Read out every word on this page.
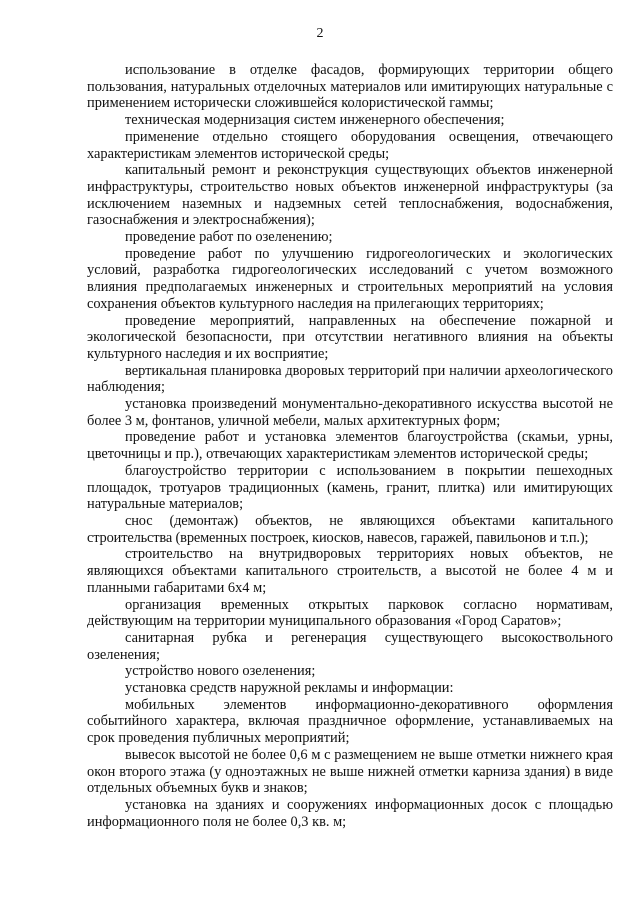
2

использование в отделке фасадов, формирующих территории общего пользования, натуральных отделочных материалов или имитирующих натуральные с применением исторически сложившейся колористической гаммы;

техническая модернизация систем инженерного обеспечения;

применение отдельно стоящего оборудования освещения, отвечающего характеристикам элементов исторической среды;

капитальный ремонт и реконструкция существующих объектов инженерной инфраструктуры, строительство новых объектов инженерной инфраструктуры (за исключением наземных и надземных сетей теплоснабжения, водоснабжения, газоснабжения и электроснабжения);

проведение работ по озеленению;

проведение работ по улучшению гидрогеологических и экологических условий, разработка гидрогеологических исследований с учетом возможного влияния предполагаемых инженерных и строительных мероприятий на условия сохранения объектов культурного наследия на прилегающих территориях;

проведение мероприятий, направленных на обеспечение пожарной и экологической безопасности, при отсутствии негативного влияния на объекты культурного наследия и их восприятие;

вертикальная планировка дворовых территорий при наличии археологического наблюдения;

установка произведений монументально-декоративного искусства высотой не более 3 м, фонтанов, уличной мебели, малых архитектурных форм;

проведение работ и установка элементов благоустройства (скамьи, урны, цветочницы и пр.), отвечающих характеристикам элементов исторической среды;

благоустройство территории с использованием в покрытии пешеходных площадок, тротуаров традиционных (камень, гранит, плитка) или имитирующих натуральные материалов;

снос (демонтаж) объектов, не являющихся объектами капитального строительства (временных построек, киосков, навесов, гаражей, павильонов и т.п.);

строительство на внутридворовых территориях новых объектов, не являющихся объектами капитального строительств, а высотой не более 4 м и планными габаритами 6х4 м;

организация временных открытых парковок согласно нормативам, действующим на территории муниципального образования «Город Саратов»;

санитарная рубка и регенерация существующего высокоствольного озеленения;

устройство нового озеленения;

установка средств наружной рекламы и информации:

мобильных элементов информационно-декоративного оформления событийного характера, включая праздничное оформление, устанавливаемых на срок проведения публичных мероприятий;

вывесок высотой не более 0,6 м с размещением не выше отметки нижнего края окон второго этажа (у одноэтажных не выше нижней отметки карниза здания) в виде отдельных объемных букв и знаков;

установка на зданиях и сооружениях информационных досок с площадью информационного поля не более 0,3 кв. м;
